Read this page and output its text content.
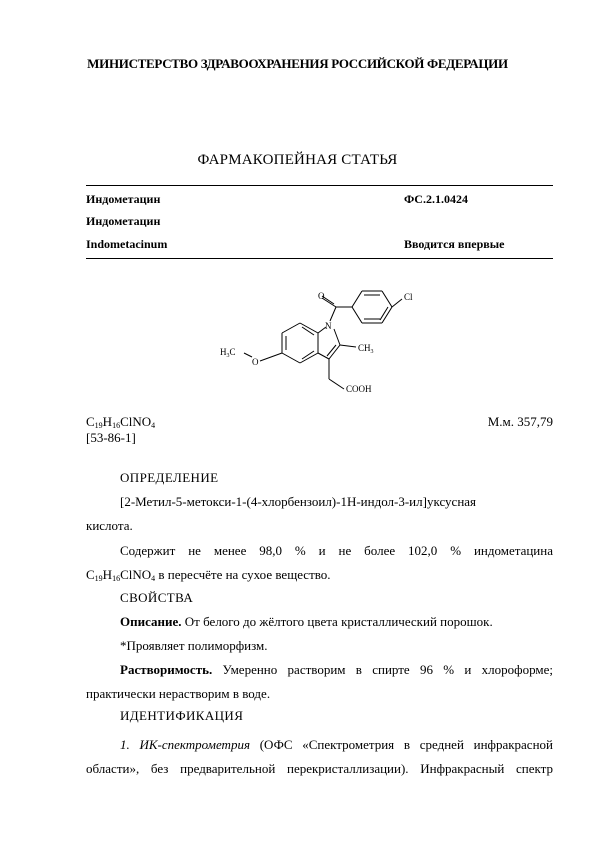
МИНИСТЕРСТВО ЗДРАВООХРАНЕНИЯ РОССИЙСКОЙ ФЕДЕРАЦИИ
ФАРМАКОПЕЙНАЯ СТАТЬЯ
Индометацин	ФС.2.1.0424
Индометацин
Indometacinum	Вводится впервые
O	Cl
N
$CH_3$
$H_3C$
O
COOH
$C_{19}H_{16}ClNO_4$	М.м. 357,79
[53-86-1]
ОПРЕДЕЛЕНИЕ
[2-Метил-5-метокси-1-(4-хлорбензоил)-1H-индол-3-ил]уксусная
кислота.
Содержит не менее 98,0 % и не более 102,0 % индометацина
$C_{19}H_{16}ClNO_4$ в пересчёте на сухое вещество.
СВОЙСТВА
Описание. От белого до жёлтого цвета кристаллический порошок.
*Проявляет полиморфизм.
Растворимость. Умеренно растворим в спирте 96 % и хлороформе;
практически нерастворим в воде.
ИДЕНТИФИКАЦИЯ
1. ИК-спектрометрия (ОФС «Спектрометрия в средней инфракрасной
области», без предварительной перекристаллизации). Инфракрасный спектр
